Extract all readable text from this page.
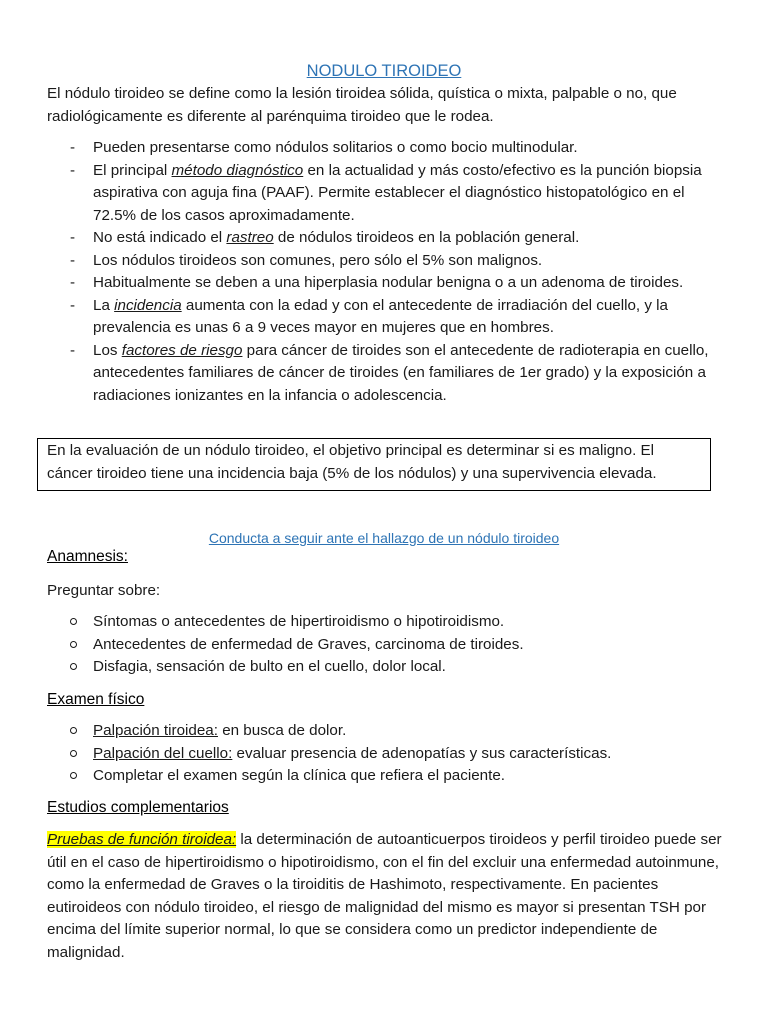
NODULO TIROIDEO

El nódulo tiroideo se define como la lesión tiroidea sólida, quística o mixta, palpable o no, que radiológicamente es diferente al parénquima tiroideo que le rodea.

- Pueden presentarse como nódulos solitarios o como bocio multinodular.
- El principal método diagnóstico en la actualidad y más costo/efectivo es la punción biopsia aspirativa con aguja fina (PAAF). Permite establecer el diagnóstico histopatológico en el 72.5% de los casos aproximadamente.
- No está indicado el rastreo de nódulos tiroideos en la población general.
- Los nódulos tiroideos son comunes, pero sólo el 5% son malignos.
- Habitualmente se deben a una hiperplasia nodular benigna o a un adenoma de tiroides.
- La incidencia aumenta con la edad y con el antecedente de irradiación del cuello, y la prevalencia es unas 6 a 9 veces mayor en mujeres que en hombres.
- Los factores de riesgo para cáncer de tiroides son el antecedente de radioterapia en cuello, antecedentes familiares de cáncer de tiroides (en familiares de 1er grado) y la exposición a radiaciones ionizantes en la infancia o adolescencia.

En la evaluación de un nódulo tiroideo, el objetivo principal es determinar si es maligno. El cáncer tiroideo tiene una incidencia baja (5% de los nódulos) y una supervivencia elevada.

Conducta a seguir ante el hallazgo de un nódulo tiroideo
Anamnesis:

Preguntar sobre:

Síntomas o antecedentes de hipertiroidismo o hipotiroidismo.
Antecedentes de enfermedad de Graves, carcinoma de tiroides.
Disfagia, sensación de bulto en el cuello, dolor local.
Examen físico
Palpación tiroidea: en busca de dolor.
Palpación del cuello: evaluar presencia de adenopatías y sus características.
Completar el examen según la clínica que refiera el paciente.
Estudios complementarios

Pruebas de función tiroidea: la determinación de autoanticuerpos tiroideos y perfil tiroideo puede ser útil en el caso de hipertiroidismo o hipotiroidismo, con el fin del excluir una enfermedad autoinmune, como la enfermedad de Graves o la tiroiditis de Hashimoto, respectivamente. En pacientes eutiroideos con nódulo tiroideo, el riesgo de malignidad del mismo es mayor si presentan TSH por encima del límite superior normal, lo que se considera como un predictor independiente de malignidad.
